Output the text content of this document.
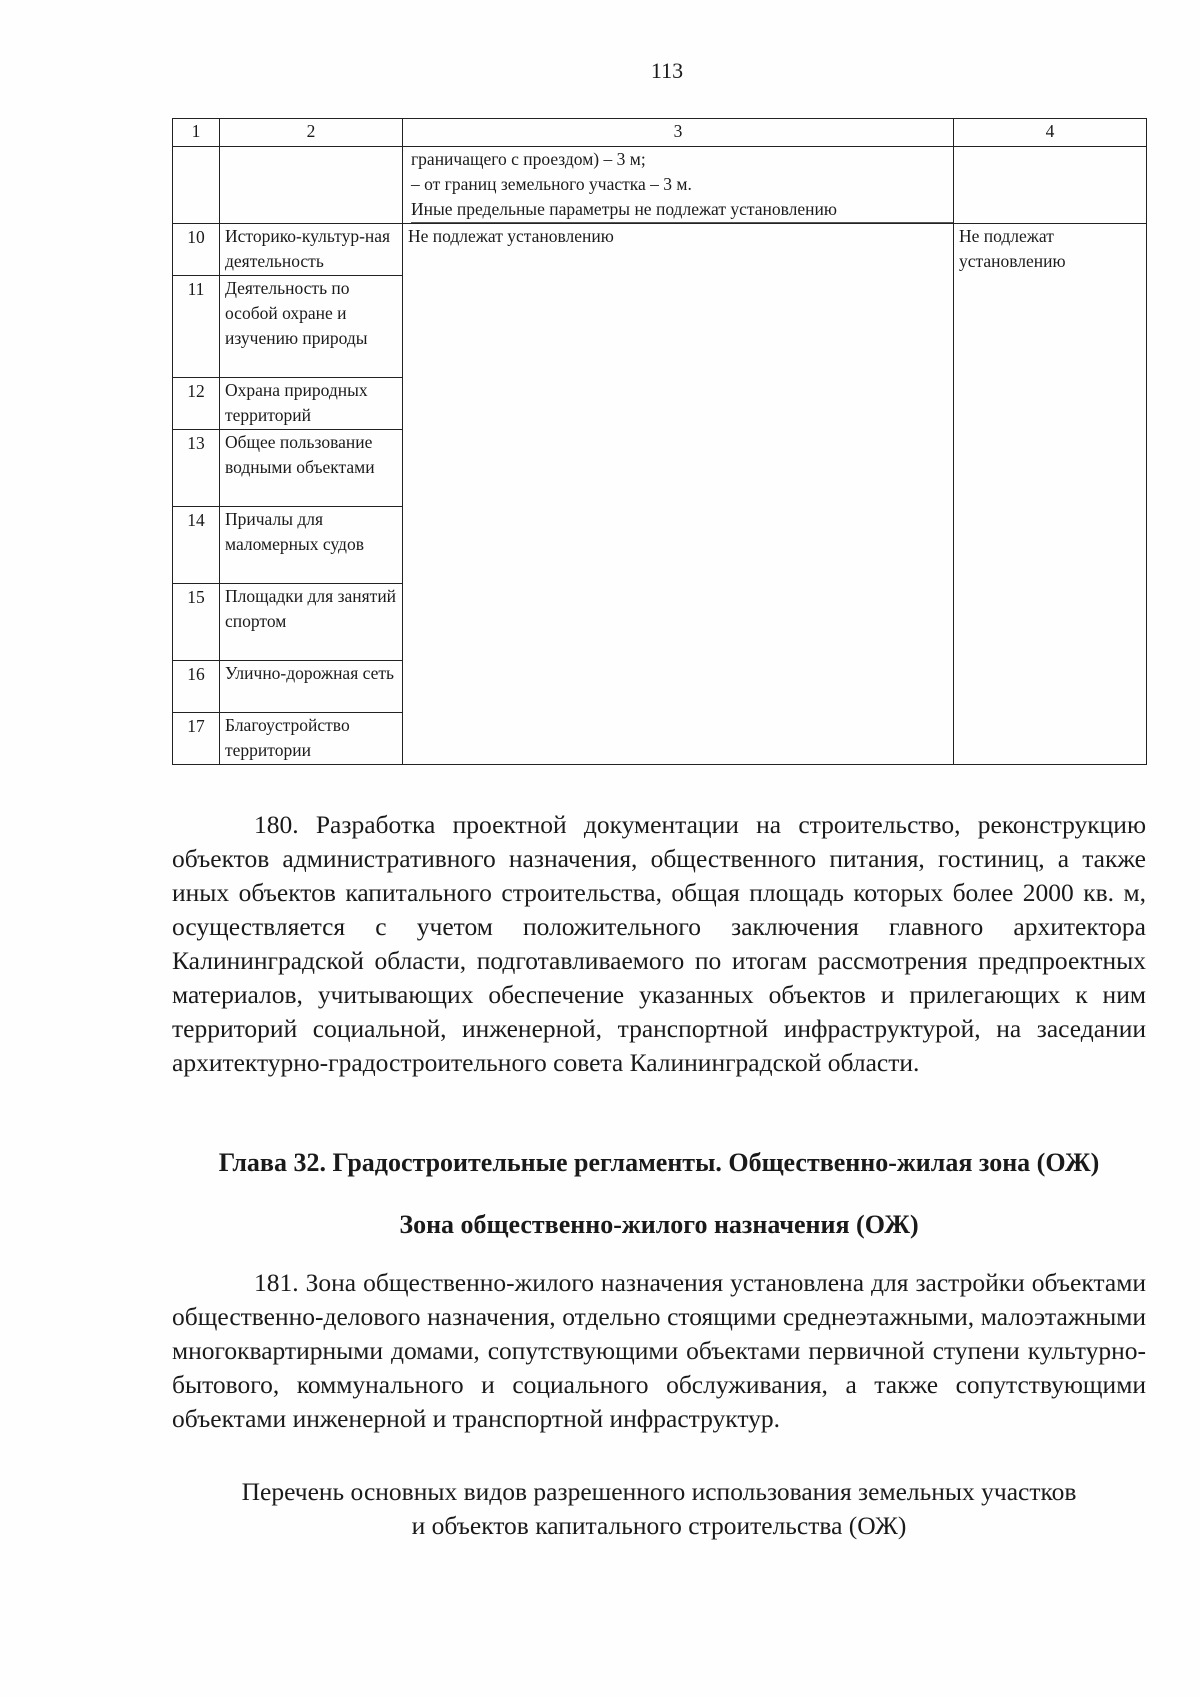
113
1	2	3	4

		граничащего с проездом) – 3 м;
– от границ земельного участка – 3 м.
Иные предельные параметры не подлежат установлению	

10	Историко-культур-ная деятельность	Не подлежат установлению	Не подлежат установлению
11	Деятельность по особой охране и изучению природы		
12	Охрана природных территорий		
13	Общее пользование водными объектами		
14	Причалы для маломерных судов		
15	Площадки для занятий спортом		
16	Улично-дорожная сеть		
17	Благоустройство территории		

180. Разработка проектной документации на строительство, реконструкцию объектов административного назначения, общественного питания, гостиниц, а также иных объектов капитального строительства, общая площадь которых более 2000 кв. м, осуществляется с учетом положительного заключения главного архитектора Калининградской области, подготавливаемого по итогам рассмотрения предпроектных материалов, учитывающих обеспечение указанных объектов и прилегающих к ним территорий социальной, инженерной, транспортной инфраструктурой, на заседании архитектурно-градостроительного совета Калининградской области.

Глава 32. Градостроительные регламенты. Общественно-жилая зона (ОЖ)
Зона общественно-жилого назначения (ОЖ)

181. Зона общественно-жилого назначения установлена для застройки объектами общественно-делового назначения, отдельно стоящими среднеэтажными, малоэтажными многоквартирными домами, сопутствующими объектами первичной ступени культурно-бытового, коммунального и социального обслуживания, а также сопутствующими объектами инженерной и транспортной инфраструктур.

Перечень основных видов разрешенного использования земельных участков
и объектов капитального строительства (ОЖ)
